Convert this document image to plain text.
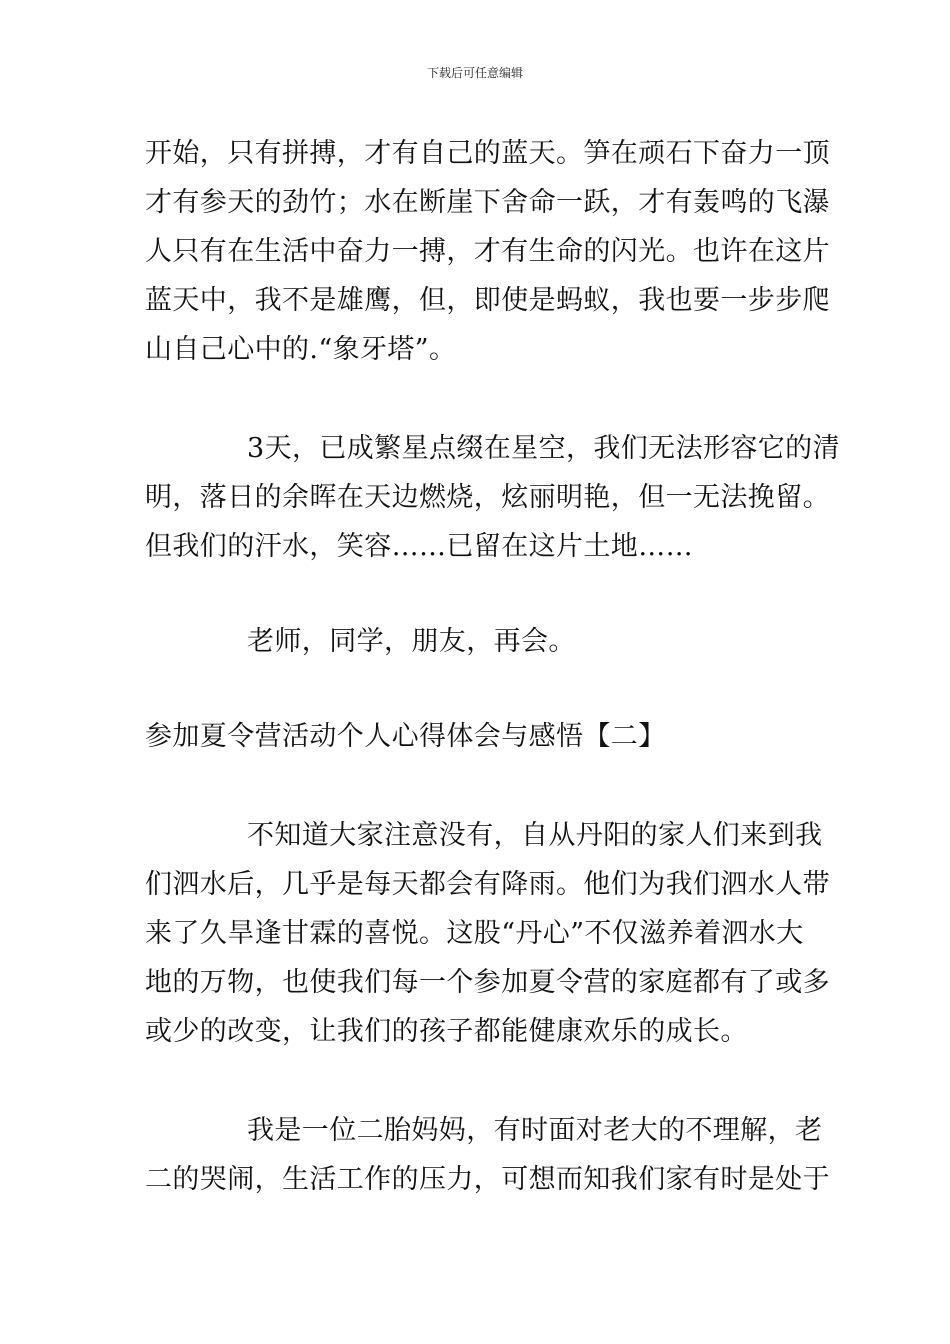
下载后可任意编辑
开始，只有拼搏，才有自己的蓝天。笋在顽石下奋力一顶
才有参天的劲竹；水在断崖下舍命一跃，才有轰鸣的飞瀑
人只有在生活中奋力一搏，才有生命的闪光。也许在这片
蓝天中，我不是雄鹰，但，即使是蚂蚁，我也要一步步爬
山自己心中的.“象牙塔”。
3天，已成繁星点缀在星空，我们无法形容它的清
明，落日的余晖在天边燃烧，炫丽明艳，但一无法挽留。
但我们的汗水，笑容……已留在这片土地……
老师，同学，朋友，再会。
参加夏令营活动个人心得体会与感悟【二】
不知道大家注意没有，自从丹阳的家人们来到我
们泗水后，几乎是每天都会有降雨。他们为我们泗水人带
来了久旱逢甘霖的喜悦。这股“丹心”不仅滋养着泗水大
地的万物，也使我们每一个参加夏令营的家庭都有了或多
或少的改变，让我们的孩子都能健康欢乐的成长。
我是一位二胎妈妈，有时面对老大的不理解，老
二的哭闹，生活工作的压力，可想而知我们家有时是处于
